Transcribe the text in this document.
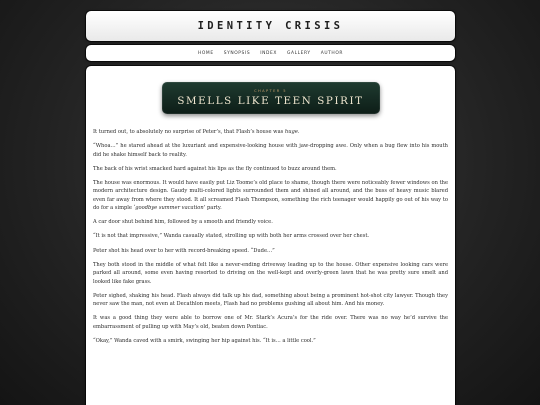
IDENTITY CRISIS
HOME	SYNOPSIS	INDEX	GALLERY	AUTHOR
CHAPTER 5
SMELLS LIKE TEEN SPIRIT

It turned out, to absolutely no surprise of Peter’s, that Flash’s house was huge.

“Whoa…” he stared ahead at the luxuriant and expensive-looking house with jaw-dropping awe. Only when a bug flew into his mouth did he shake himself back to reality.

The back of his wrist smacked hard against his lips as the fly continued to buzz around them.

The house was enormous. It would have easily put Liz Toome’s old place to shame, though there were noticeably fewer windows on the modern architecture design. Gaudy multi-colored lights surrounded them and shined all around, and the buss of heavy music blared even far away from where they stood. It all screamed Flash Thompson, something the rich teenager would happily go out of his way to do for a simple ‘goodbye summer vacation’ party.

A car door shut behind him, followed by a smooth and friendly voice.

“It is not that impressive,” Wanda casually stated, strolling up with both her arms crossed over her chest.

Peter shot his head over to her with record-breaking speed. “Dude…”

They both stood in the middle of what felt like a never-ending driveway leading up to the house. Other expensive looking cars were parked all around, some even having resorted to driving on the well-kept and overly-green lawn that he was pretty sure smelt and looked like fake grass.

Peter sighed, shaking his head. Flash always did talk up his dad, something about being a prominent hot-shot city lawyer. Though they never saw the man, not even at Decathlon meets, Flash had no problems gushing all about him. And his money.

It was a good thing they were able to borrow one of Mr. Stark’s Acura’s for the ride over. There was no way he’d survive the embarrassment of pulling up with May’s old, beaten down Pontiac.

“Okay,” Wanda caved with a smirk, swinging her hip against his. “It is… a little cool.”
